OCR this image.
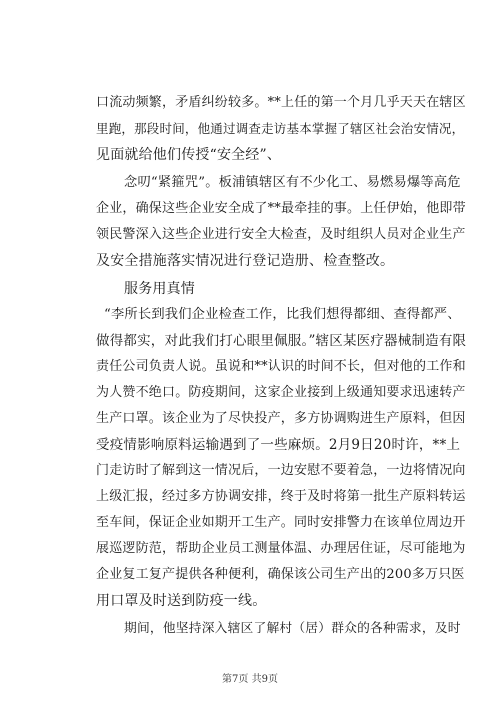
口流动频繁，矛盾纠纷较多。**上任的第一个月几乎天天在辖区
里跑，那段时间，他通过调查走访基本掌握了辖区社会治安情况，
见面就给他们传授“安全经”、
念叨“紧箍咒”。板浦镇辖区有不少化工、易燃易爆等高危
企业，确保这些企业安全成了**最牵挂的事。上任伊始，他即带
领民警深入这些企业进行安全大检查，及时组织人员对企业生产
及安全措施落实情况进行登记造册、检查整改。
服务用真情
“李所长到我们企业检查工作，比我们想得都细、查得都严、
做得都实，对此我们打心眼里佩服。”辖区某医疗器械制造有限
责任公司负责人说。虽说和**认识的时间不长，但对他的工作和
为人赞不绝口。防疫期间，这家企业接到上级通知要求迅速转产
生产口罩。该企业为了尽快投产，多方协调购进生产原料，但因
受疫情影响原料运输遇到了一些麻烦。2月9日20时许，**上
门走访时了解到这一情况后，一边安慰不要着急，一边将情况向
上级汇报，经过多方协调安排，终于及时将第一批生产原料转运
至车间，保证企业如期开工生产。同时安排警力在该单位周边开
展巡逻防范，帮助企业员工测量体温、办理居住证，尽可能地为
企业复工复产提供各种便利，确保该公司生产出的200多万只医
用口罩及时送到防疫一线。
期间，他坚持深入辖区了解村（居）群众的各种需求，及时
第7页 共9页
